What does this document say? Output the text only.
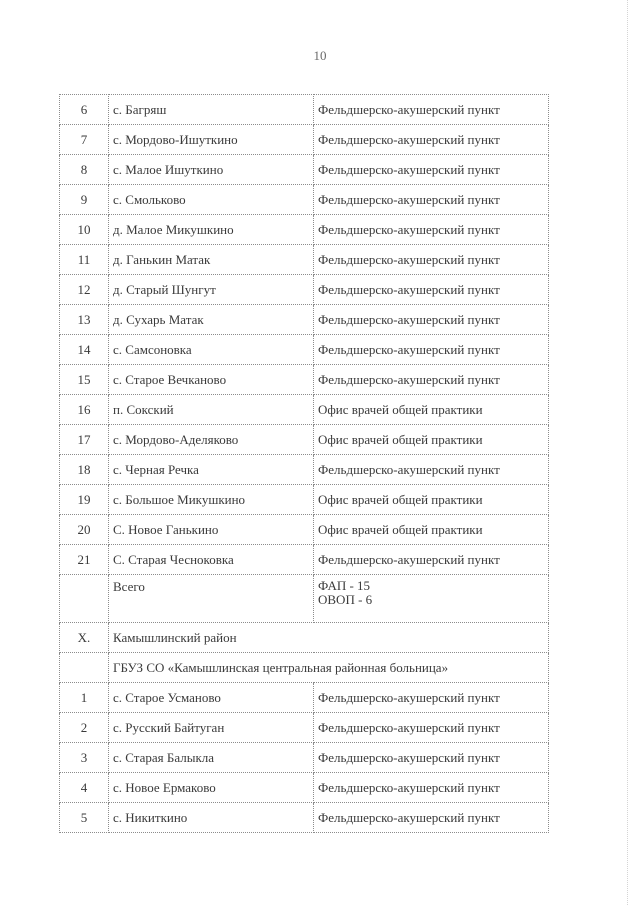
10
6	с. Багряш	Фельдшерско-акушерский пункт
7	с. Мордово-Ишуткино	Фельдшерско-акушерский пункт
8	с. Малое Ишуткино	Фельдшерско-акушерский пункт
9	с. Смольково	Фельдшерско-акушерский пункт
10	д. Малое Микушкино	Фельдшерско-акушерский пункт
11	д. Ганькин Матак	Фельдшерско-акушерский пункт
12	д. Старый Шунгут	Фельдшерско-акушерский пункт
13	д. Сухарь Матак	Фельдшерско-акушерский пункт
14	с. Самсоновка	Фельдшерско-акушерский пункт
15	с. Старое Вечканово	Фельдшерско-акушерский пункт
16	п. Сокский	Офис врачей общей практики
17	с. Мордово-Аделяково	Офис врачей общей практики
18	с. Черная Речка	Фельдшерско-акушерский пункт
19	с. Большое Микушкино	Офис врачей общей практики
20	С. Новое Ганькино	Офис врачей общей практики
21	С. Старая Чесноковка	Фельдшерско-акушерский пункт
	Всего	ФАП - 15
ОВОП - 6

X.	Камышлинский район	
	ГБУЗ СО «Камышлинская центральная районная больница»	
1	с. Старое Усманово	Фельдшерско-акушерский пункт
2	с. Русский Байтуган	Фельдшерско-акушерский пункт
3	с. Старая Балыкла	Фельдшерско-акушерский пункт
4	с. Новое Ермаково	Фельдшерско-акушерский пункт
5	с. Никиткино	Фельдшерско-акушерский пункт
